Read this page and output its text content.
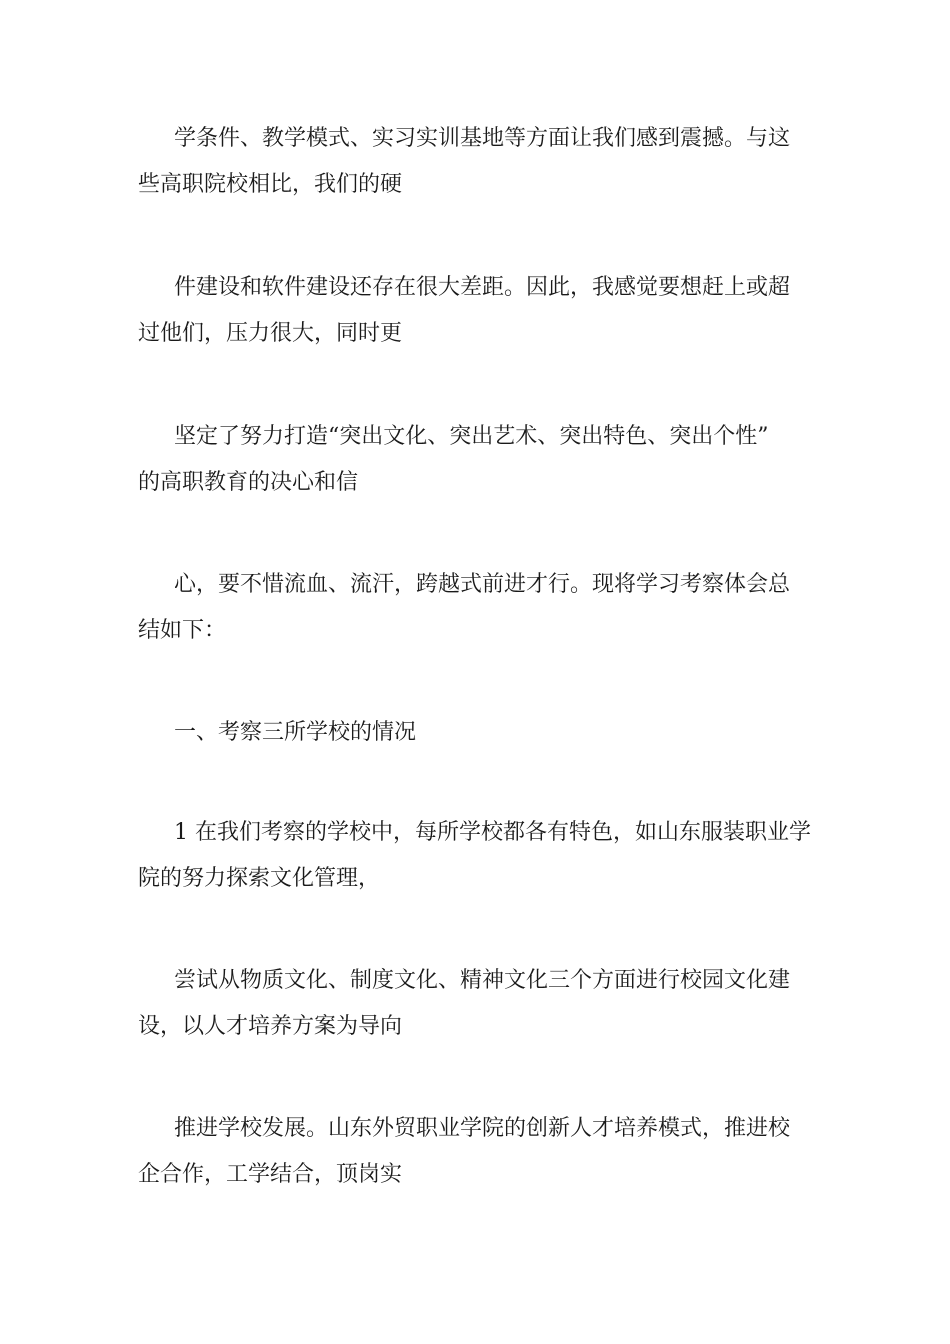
学条件、教学模式、实习实训基地等方面让我们感到震撼。与这
些高职院校相比，我们的硬

件建设和软件建设还存在很大差距。因此，我感觉要想赶上或超
过他们，压力很大，同时更

坚定了努力打造“突出文化、突出艺术、突出特色、突出个性”
的高职教育的决心和信

心，要不惜流血、流汗，跨越式前进才行。现将学习考察体会总
结如下：

一、考察三所学校的情况

1 在我们考察的学校中，每所学校都各有特色，如山东服装职业学
院的努力探索文化管理，

尝试从物质文化、制度文化、精神文化三个方面进行校园文化建
设，以人才培养方案为导向

推进学校发展。山东外贸职业学院的创新人才培养模式，推进校
企合作，工学结合，顶岗实
